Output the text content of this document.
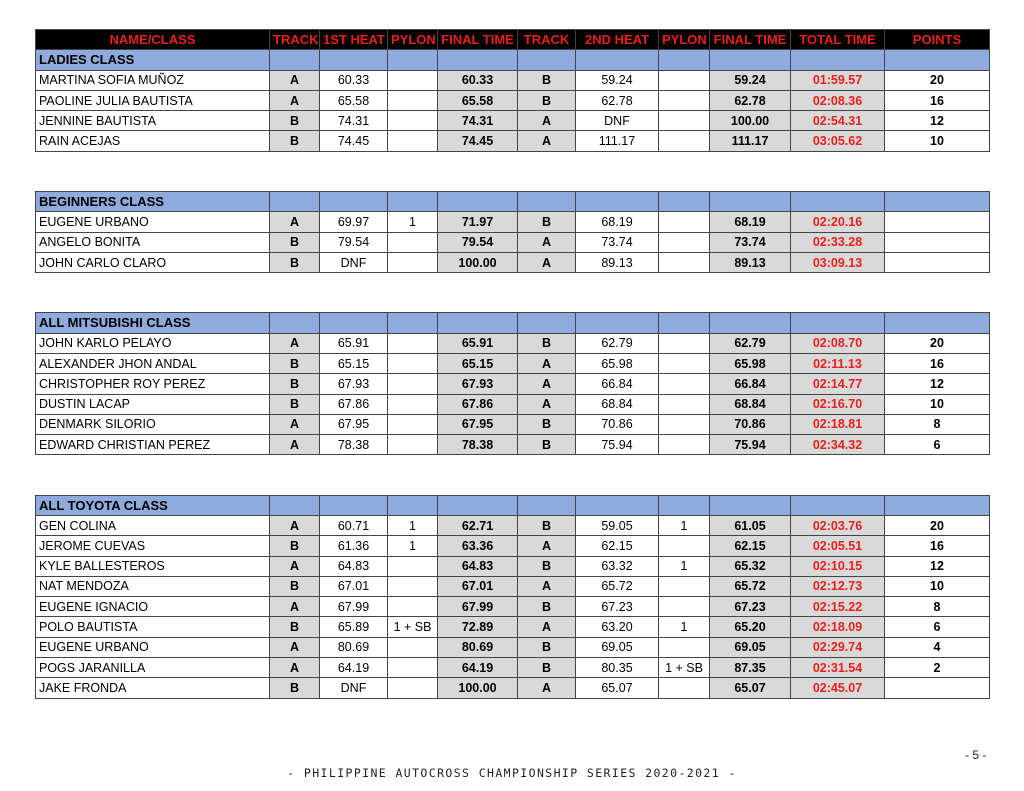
NAME/CLASS	TRACK	1ST HEAT	PYLON	FINAL TIME	TRACK	2ND HEAT	PYLON	FINAL TIME	TOTAL TIME	POINTS
LADIES CLASS										
MARTINA SOFIA MUÑOZ	A	60.33		60.33	B	59.24		59.24	01:59.57	20
PAOLINE JULIA BAUTISTA	A	65.58		65.58	B	62.78		62.78	02:08.36	16
JENNINE BAUTISTA	B	74.31		74.31	A	DNF		100.00	02:54.31	12
RAIN ACEJAS	B	74.45		74.45	A	111.17		111.17	03:05.62	10

BEGINNERS CLASS										
EUGENE URBANO	A	69.97	1	71.97	B	68.19		68.19	02:20.16	
ANGELO BONITA	B	79.54		79.54	A	73.74		73.74	02:33.28	
JOHN CARLO CLARO	B	DNF		100.00	A	89.13		89.13	03:09.13	

ALL MITSUBISHI CLASS										
JOHN KARLO PELAYO	A	65.91		65.91	B	62.79		62.79	02:08.70	20
ALEXANDER JHON ANDAL	B	65.15		65.15	A	65.98		65.98	02:11.13	16
CHRISTOPHER ROY PEREZ	B	67.93		67.93	A	66.84		66.84	02:14.77	12
DUSTIN LACAP	B	67.86		67.86	A	68.84		68.84	02:16.70	10
DENMARK SILORIO	A	67.95		67.95	B	70.86		70.86	02:18.81	8
EDWARD CHRISTIAN PEREZ	A	78.38		78.38	B	75.94		75.94	02:34.32	6

ALL TOYOTA CLASS										
GEN COLINA	A	60.71	1	62.71	B	59.05	1	61.05	02:03.76	20
JEROME CUEVAS	B	61.36	1	63.36	A	62.15		62.15	02:05.51	16
KYLE BALLESTEROS	A	64.83		64.83	B	63.32	1	65.32	02:10.15	12
NAT MENDOZA	B	67.01		67.01	A	65.72		65.72	02:12.73	10
EUGENE IGNACIO	A	67.99		67.99	B	67.23		67.23	02:15.22	8
POLO BAUTISTA	B	65.89	1 + SB	72.89	A	63.20	1	65.20	02:18.09	6
EUGENE URBANO	A	80.69		80.69	B	69.05		69.05	02:29.74	4
POGS JARANILLA	A	64.19		64.19	B	80.35	1 + SB	87.35	02:31.54	2
JAKE FRONDA	B	DNF		100.00	A	65.07		65.07	02:45.07	
- 5 -
- PHILIPPINE AUTOCROSS CHAMPIONSHIP SERIES 2020-2021 -
